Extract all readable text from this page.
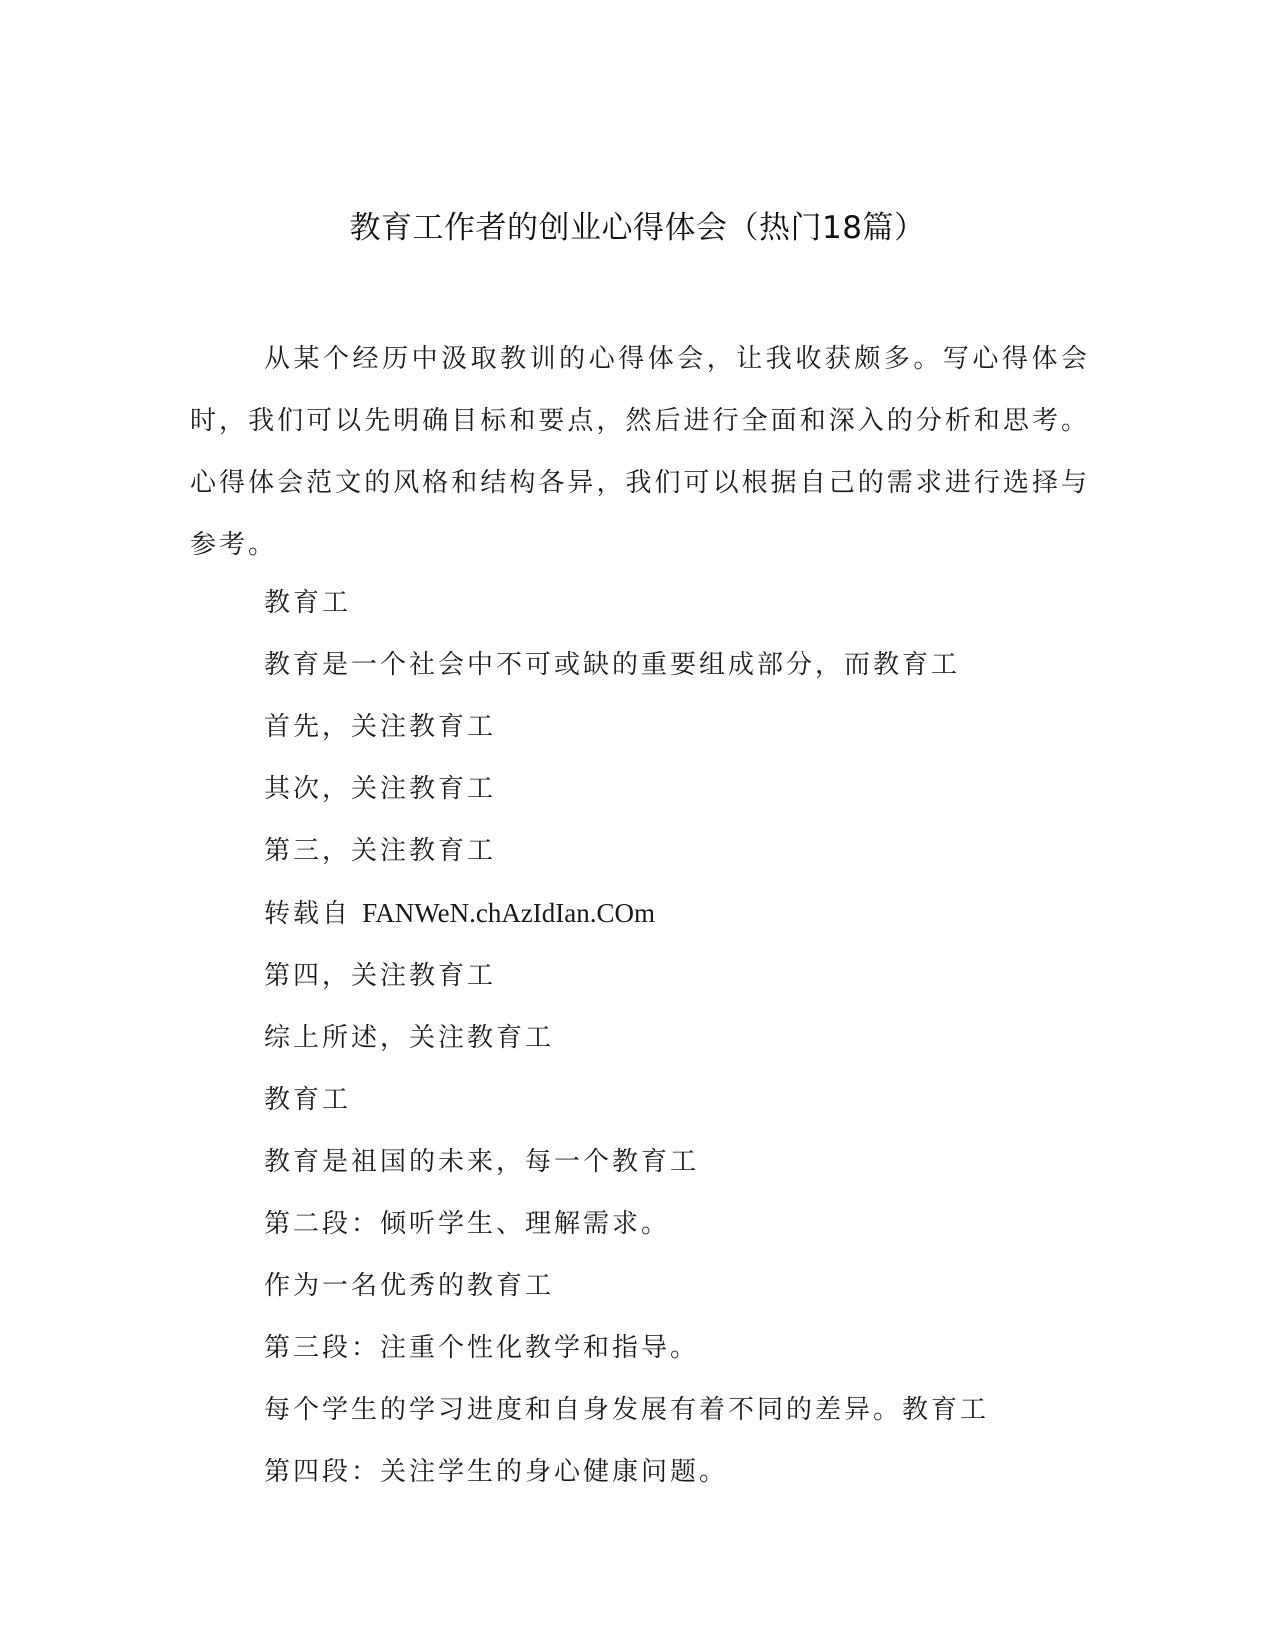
教育工作者的创业心得体会（热门18篇）

从某个经历中汲取教训的心得体会，让我收获颇多。写心得体会时，我们可以先明确目标和要点，然后进行全面和深入的分析和思考。心得体会范文的风格和结构各异，我们可以根据自己的需求进行选择与参考。

教育工
教育是一个社会中不可或缺的重要组成部分，而教育工
首先，关注教育工
其次，关注教育工
第三，关注教育工
转载自 FANWeN.chAzIdIan.COm
第四，关注教育工
综上所述，关注教育工
教育工
教育是祖国的未来，每一个教育工
第二段：倾听学生、理解需求。
作为一名优秀的教育工
第三段：注重个性化教学和指导。
每个学生的学习进度和自身发展有着不同的差异。教育工
第四段：关注学生的身心健康问题。
